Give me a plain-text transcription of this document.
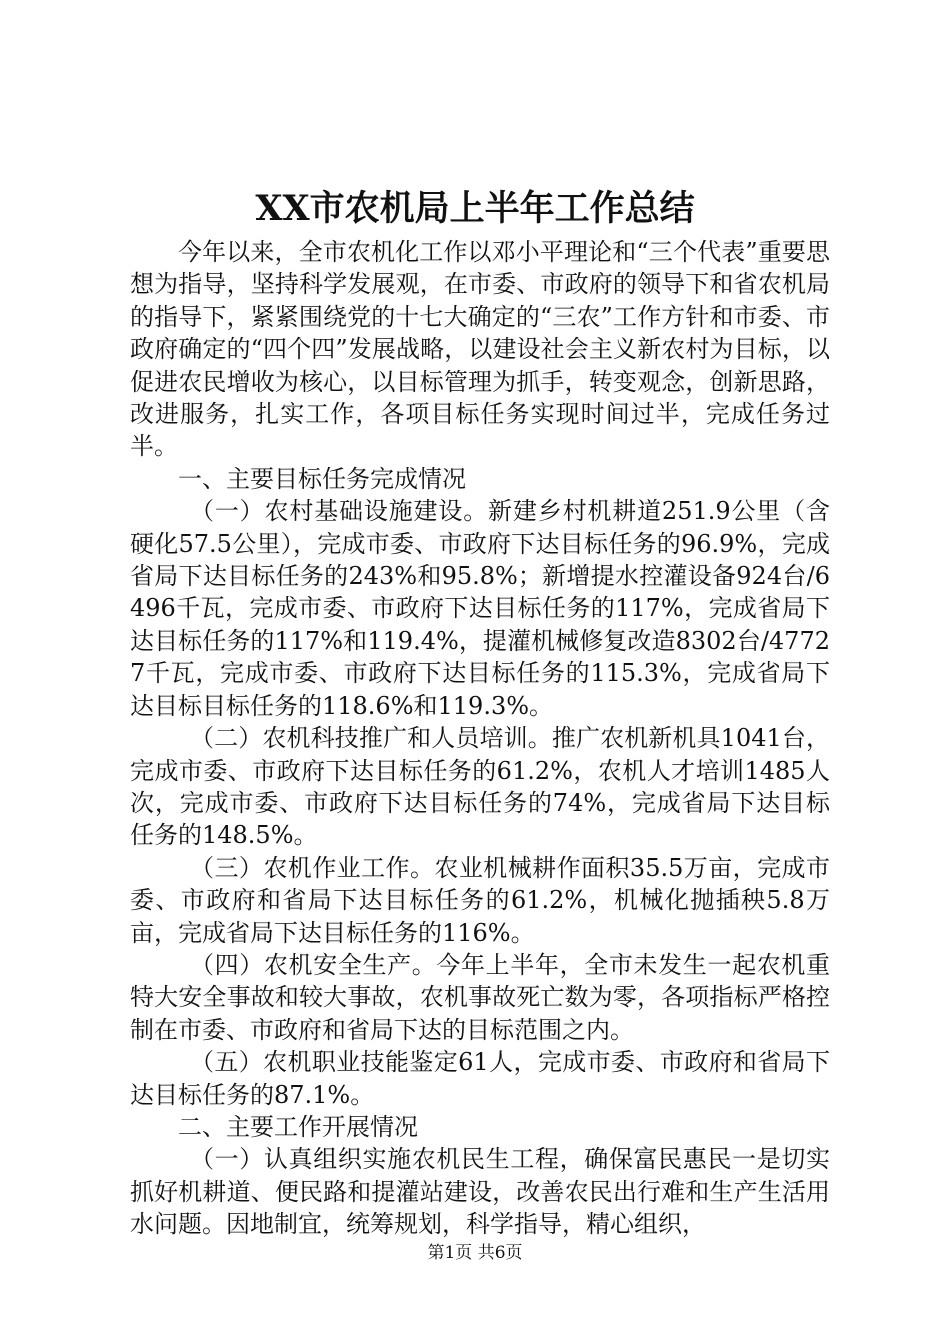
XX市农机局上半年工作总结

今年以来，全市农机化工作以邓小平理论和“三个代表”重要思想为指导，坚持科学发展观，在市委、市政府的领导下和省农机局的指导下，紧紧围绕党的十七大确定的“三农”工作方针和市委、市政府确定的“四个四”发展战略，以建设社会主义新农村为目标，以促进农民增收为核心，以目标管理为抓手，转变观念，创新思路，改进服务，扎实工作，各项目标任务实现时间过半，完成任务过半。

一、主要目标任务完成情况

（一）农村基础设施建设。新建乡村机耕道251.9公里（含硬化57.5公里），完成市委、市政府下达目标任务的96.9%，完成省局下达目标任务的243%和95.8%；新增提水控灌设备924台/6496千瓦，完成市委、市政府下达目标任务的117%，完成省局下达目标任务的117%和119.4%，提灌机械修复改造8302台/47727千瓦，完成市委、市政府下达目标任务的115.3%，完成省局下达目标目标任务的118.6%和119.3%。

（二）农机科技推广和人员培训。推广农机新机具1041台，完成市委、市政府下达目标任务的61.2%，农机人才培训1485人次，完成市委、市政府下达目标任务的74%，完成省局下达目标任务的148.5%。

（三）农机作业工作。农业机械耕作面积35.5万亩，完成市委、市政府和省局下达目标任务的61.2%，机械化抛插秧5.8万亩，完成省局下达目标任务的116%。

（四）农机安全生产。今年上半年，全市未发生一起农机重特大安全事故和较大事故，农机事故死亡数为零，各项指标严格控制在市委、市政府和省局下达的目标范围之内。

（五）农机职业技能鉴定61人，完成市委、市政府和省局下达目标任务的87.1%。

二、主要工作开展情况

（一）认真组织实施农机民生工程，确保富民惠民一是切实抓好机耕道、便民路和提灌站建设，改善农民出行难和生产生活用水问题。因地制宜，统筹规划，科学指导，精心组织，

第1页 共6页
